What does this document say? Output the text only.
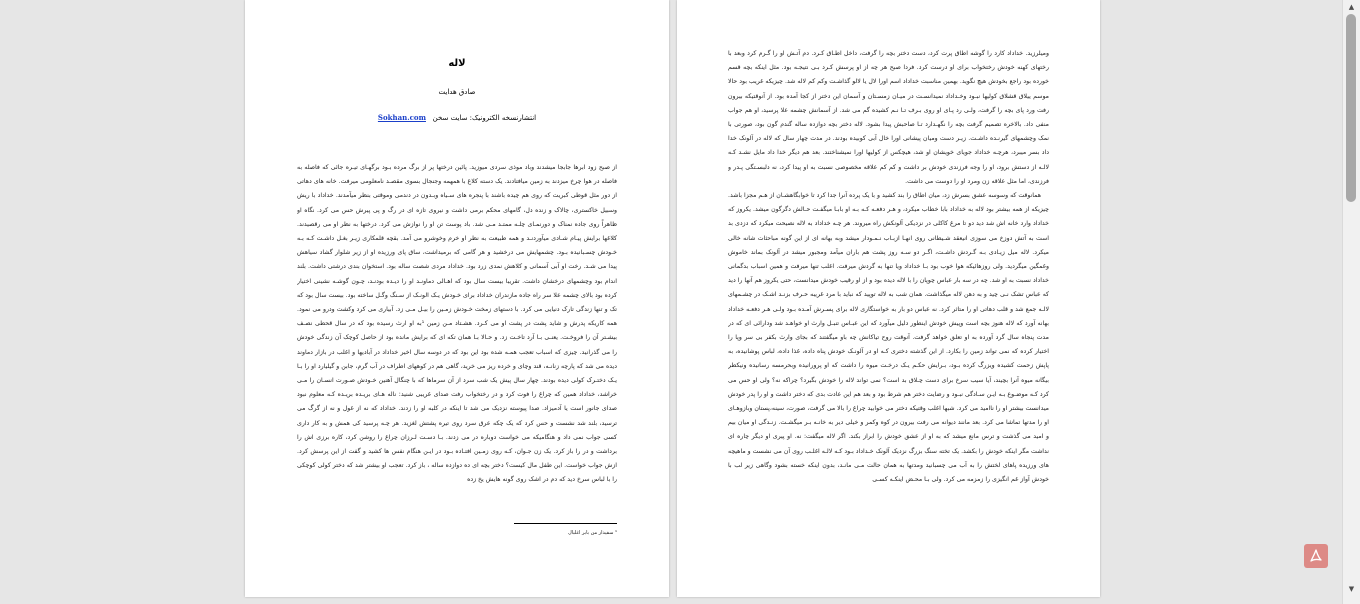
لاله
صادق هدایت
انتشارنسخه الکترونیک: سایت سخن   Sokhan.com
از صبح زود ابرها جابجا میشدند وباد موذی سردی میوزید. پائین درختها پر از برگ مرده بـود برگهـای تیـره جائی که فاصله به فاصله در هوا چرخ میزدند به زمین میافتادند. یک دسته کلاغ با همهمه وجنجال بسوی مقصـد نامعلومی میرفت. خانه های دهاتی از دور مثل قوطی کبریت که روی هم چیده باشند با پنجره های سـیاه وبـدون در دندمی وموقتی بنظر میآمدند. خداداد با ریش وسبیل خاکستری، چالاک و زنده دل، گامهای محکم برمی داشت و نیروی تازه ای در رگ و پی پیرش حس می کرد. نگاه او ظاهراً روی جاده نمناک و دورنمـای چلـه ممتـد مـی شد. باد پوست تن او را نوازش می کرد. درختها به نظر او می رقصیدند. کلاغها برایش پیـام شـادی میآوردنـد و همه طبیعت به نظر او خرم وخوشرو می آمد. بقچه قلمکاری زیـر بغـل داشـت کـه بـه خـودش چسـبانیده بـود. چشمهایش می درخشید و هر گامی که برمیداشت، ساق پای ورزیده او از زیر شلوار گشاد سیاهش پیدا می شـد. رخت او آبی آسمانی و کلاهش نمدی زرد بود. خداداد مردی شصت ساله بود. استخوان بندی درشتی داشت. بلند اندام بود وچشمهای درخشان داشت. تقریبا بیست سال بود که اهـالی دماونـد او را دیـده بودنـد، چـون گوشـه نشینی اختیار کرده بود بالای چشمه علا سر راه جاده مازندران خداداد برای خـودش یـک الونـک از سـنگ وگـل ساخته بود. بیست سال بود که تک و تنها زندگی تارک دنیایی می کرد. با دستهای زمخت خـودش زمـین را بیـل مـی زد. آبیاری می کرد وکشت ودرو می نمود. همه کاریکه پدرش و شاید پشت در پشت او می کـرد. هشـتاد مـن زمین ¹به او ارث رسیده بود که در سال قحطی نصـف بیشـتر آن را فروخـت. یعنـی بـا آرد تاخـت زد. و حـالا بـا همان تکه ای که برایش مانده بود از حاصل کوچک آن زندگی خودش را می گذرانید. چیزی که اسباب تعجب همـه شده بود این بود که در دوسه سال اخیر خداداد در آبادیها و اغلب در بازار دماوند دیده می شد که پارچه زنانـه، قند وچای و خرده ریز می خرید، گاهی هم در کوههای اطراف در آب گرم، جابن و گیلیارد او را بـا یـک دختـرک کولی دیده بودند. چهار سال پیش یک شب سرد از آن سرماها که با چنگال آهنین خـودش صـورت انسـان را مـی خراشد، خداداد همین که چراغ را فوت کرد و در رختخواب رفت صدای غریبی شنید: ناله هـای بریـده بریـده کـه معلوم نبود صدای جانور است یا آدمیزاد. صدا پیوسته نزدیک می شد تا اینکه در کلبه او را زدند. خداداد که نه از غول و نه از گرگ می ترسید، بلند شد نشست و حس کرد که یک چکه عرق سرد روی تیره پشتش لغزید. هر چـه پرسید کی همش و به کار داری کسی جواب نمی داد و هنگامیکه می خواست دوباره در می زدند. بـا دسـت لـرزان چراغ را روشن کرد، کاره برزی اش را برداشت و در را باز کرد. یک زن جـوان، کـه روی زمـین افتـاده بـود در ایـن هنگام نفس ها کشید و گفت از این پرسش کرد. ازش جواب خواست. این طفل مال کیست؟ دختر بچه ای ده دوازده ساله ، باز کرد. تعجب او بیشتر شد که دختر کولی کوچکی را با لباس سرخ دید که دم در اشک روی گونه هایش یخ زده
¹ سفیدار من بابر اغلبال

وميلرزيد. خداداد کارد را گوشه اطاق پرت کرد، دست دختر بچه را گرفت، داخل اطـاق کـرد. دم آتـش او را گـرم کرد وبعد با رختهای کهنه خودش رختخواب برای او درست کرد. فردا صبح هر چه از او پرسش کـرد بـی نتیجـه بود. مثل اینکه بچه قسم خورده بود راجع بخودش هیچ نگوید. بهمین مناسبت خداداد اسم اورا لال یا لالو گذاشـت وکم کم لاله شد. چیزیکه غریب بود حالا موسم ییلاق قشلاق کولیها نبـود وخـداداد نمیدانسـت در میـان زمسـتان و آسمان این دختر از کجا آمده بود. از آنوقتیکه بیرون رفت ورد پای بچه را گرفت، ولـی رد پـای او روی بـرف تـا نـم کشیده گم می شد. از آسمانش چشمه علا پرسید، او هم جواب منفی داد. بالاخره تصمیم گرفت بچه را نگهـدارد تـا صاحبش پیدا بشود. لاله دختر بچه دوازده ساله گندم گون بود، صورتی با نمک وچشمهای گیرنـده داشـت. زیـر دست ومیان پیشانی اورا خال آبی کوبیده بودند. در مدت چهار سال که لاله در آلونک خدا داد بسر میبرد، هرچـه خداداد جویای خویشان او شد، هیچکس از کولیها اورا نمیشناختند. بعد هم دیگر خدا داد مایل نشـد کـه لالـه از دستش برود، او را وجه فرزندی خودش بر داشت و کم کم علاقه مخصوصی نسبت به او پیدا کرد، نه دلبسـتگی پـدر و فرزندی، اما مثل علاقه زن ومرد او را دوست می داشت.

همانوقت که وسوسه عشق بسرش زد، میان اطاق را بند کشید و با یک پرده آنرا جدا کرد تا خوابگاهشـان از هـم مجزا باشد. چیزیکه از همه بیشتر بود لاله به خداداد بابا خطاب میکرد، و هـر دفعـه کـه بـه او بابـا میگفـت حـالش دگرگون میشد. یکروز که خداداد وارد خانه اش شد دید دو تا مرغ کاکلی در نزدیکی آلونکش راه میروند. هر چـه خداداد به لاله نصیحت میکرد که دزدی بد است به آتش دوزخ می سوزی انیعقد شـیطانی روی انهـا ازبـاب نـمـودار میشد وبه بهانه ای از این گونه مباحثات شانه خالی میکرد. لاله میل زیـادی بـه گـردش داشـت، اگـر دو سـه روز پشت هم باران میآمد ومجبور میشد در آلونک بماند خاموش وغمگین میگردید. ولی روزهائیکه هوا خوب بود بـا خداداد ویا تنها به گردش میرفت. اغلب تنها میرفت و همین اسباب بدگمانی خداداد نسبت به او شد. چه در سه بار عباس چوپان را با لاله دیده بود و از او رقیب خودش میدانست، حتی یکروز هم آنها را دید که عباس تشک نـی چید و به دهن لاله میگذاشت. همان شب به لاله توپید که نباید با مرد غریبه حـرف بزنـد اشـک در چشـمهای لالـه جمع شد و قلب دهاتی او را متاثر کرد. نه عباس دو بار به خواستگاری لاله برای پسـرش آمـده بـود ولـی هـر دفعـه خداداد بهانه آورد که لاله هنوز بچه است وپیش خودش اینطور دلیل میآورد که این عبـاس تنبـل وارث او خواهـد شد ودارائی ای که در مدت پنجاه سال گرد آورده به او تعلق خواهد گرفت. آنوقت روح تیاکانش چه باو میگفتند که بجای وارث بکفر بی سر وپا را اختیار کرده که نمی تواند زمین را بکارد. از این گذشته دختری کـه او در آلونـک خودش پناه داده، غذا داده، لباس پوشانیده، به پاپش زحمت کشیده ویزرگ کرده بـود، بـرایش حکـم یـک درخـت میوه را داشت که او پرورانیده وبحرمسه رسانیده ونیکطر بیگانه میوه آنرا بچیند، آیا سیب سرخ برای دست چـلاق بد است؟ نمی تواند لاله را خودش بگیرد؟ چراکه نه؟ ولی او حس می کرد کـه موضـوع بـه ایـن سـادگی نبـود و رضایت دختر هم شرط بود و بعد هم این عادت بدی که دختر داشت و او را پدر خودش میدانست بیشتر او را ناامید می کرد. شبها اغلب وقتیکه دختر می خوابید چراغ را بالا می گرفت، صورت، سینه،پستان وبازوهـای او را مدتها تماشا می کرد. بعد مانند دیوانه می رفت بیرون در کوه وکمر و خیلی دیر به خانـه بـر میگشـت. زنـدگی او میان بیم و امید می گذشت و ترس مانع میشد که به او از عشق خودش را ابراز بکند. اگر لاله میگفت: نه. او پیری او دیگر چاره ای نداشت مگر اینکه خودش را بکشد. یک تخته سنگ بزرگ نزدیک آلونک خـداداد بـود کـه لالـه اغلـب روی آن می نشست و ماهیچه های ورزیده پاهای لختش را به آب می چسبانید ومدتها به همان حالت مـی مانـد، بدون اینکه خسته بشود وگاهی زیر لب با خودش آواز غم انگیزی را زمزمه می کرد. ولی بـا محـض اینکـه کسـی

▲
▼
